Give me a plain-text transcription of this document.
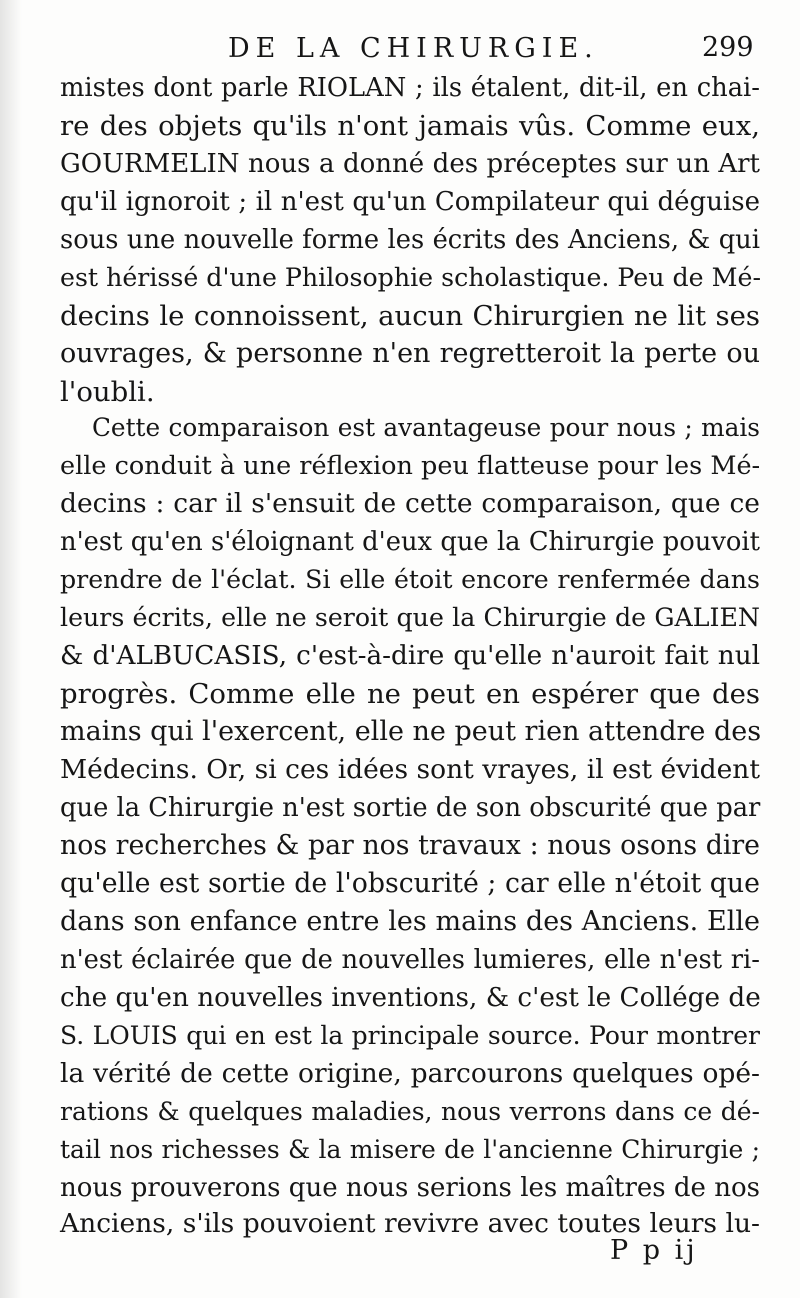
DE LA CHIRURGIE.	299
mistes dont parle RIOLAN ; ils étalent, dit-il, en chai-
re des objets qu'ils n'ont jamais vûs. Comme eux,
GOURMELIN nous a donné des préceptes sur un Art
qu'il ignoroit ; il n'est qu'un Compilateur qui déguise
sous une nouvelle forme les écrits des Anciens, & qui
est hérissé d'une Philosophie scholastique. Peu de Mé-
decins le connoissent, aucun Chirurgien ne lit ses
ouvrages, & personne n'en regretteroit la perte ou
l'oubli.
Cette comparaison est avantageuse pour nous ; mais
elle conduit à une réflexion peu flatteuse pour les Mé-
decins : car il s'ensuit de cette comparaison, que ce
n'est qu'en s'éloignant d'eux que la Chirurgie pouvoit
prendre de l'éclat. Si elle étoit encore renfermée dans
leurs écrits, elle ne seroit que la Chirurgie de GALIEN
& d'ALBUCASIS, c'est-à-dire qu'elle n'auroit fait nul
progrès. Comme elle ne peut en espérer que des
mains qui l'exercent, elle ne peut rien attendre des
Médecins. Or, si ces idées sont vrayes, il est évident
que la Chirurgie n'est sortie de son obscurité que par
nos recherches & par nos travaux : nous osons dire
qu'elle est sortie de l'obscurité ; car elle n'étoit que
dans son enfance entre les mains des Anciens. Elle
n'est éclairée que de nouvelles lumieres, elle n'est ri-
che qu'en nouvelles inventions, & c'est le Collége de
S. LOUIS qui en est la principale source. Pour montrer
la vérité de cette origine, parcourons quelques opé-
rations & quelques maladies, nous verrons dans ce dé-
tail nos richesses & la misere de l'ancienne Chirurgie ;
nous prouverons que nous serions les maîtres de nos
Anciens, s'ils pouvoient revivre avec toutes leurs lu-
P p ij
